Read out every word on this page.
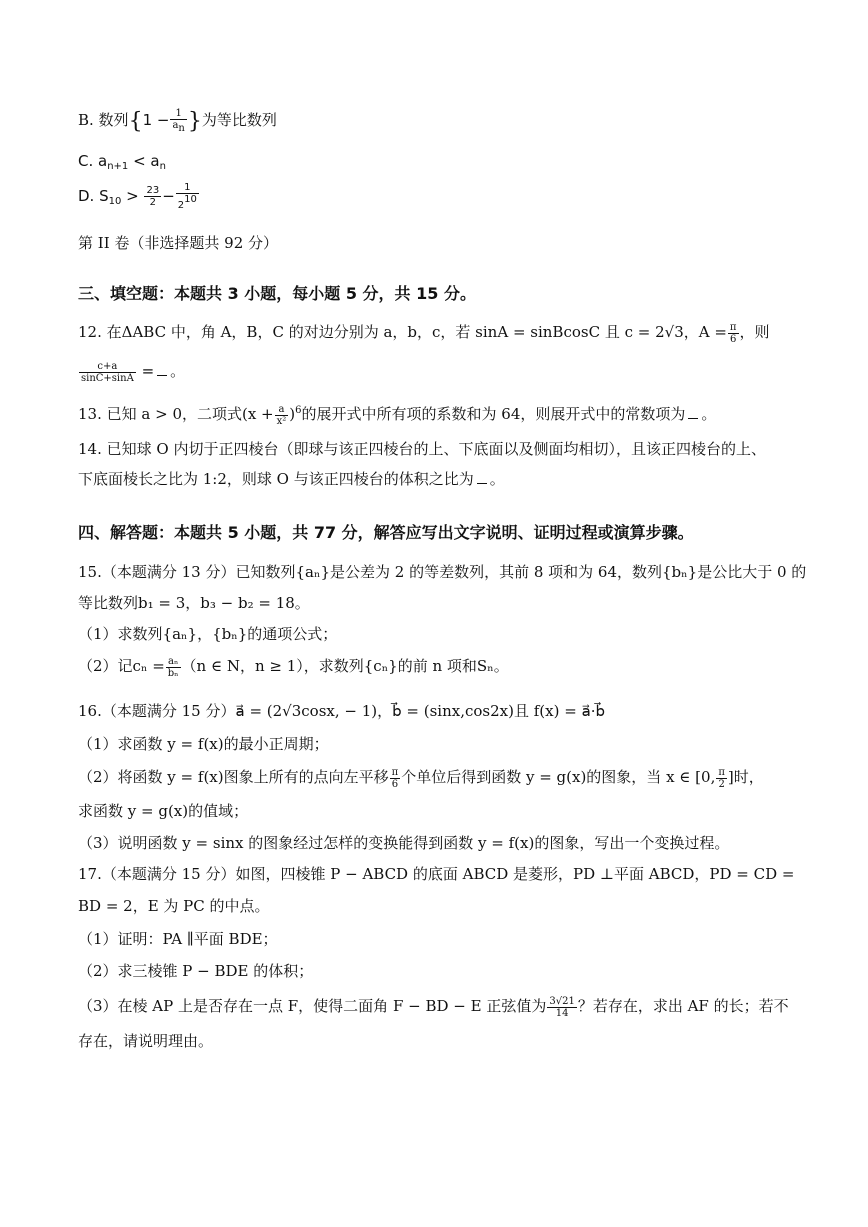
B. 数列{$1 - \frac{1}{a_n}$ }为等比数列
C. $a_{n+1} < a_n$
D. $S_{10} > \frac{23}{2} - \frac{1}{2^{10}}$
第 II 卷（非选择题共 92 分）
三、填空题：本题共 3 小题，每小题 5 分，共 15 分。
12. 在ΔABC 中，角 A，B，C 的对边分别为 a，b，c，若 sinA = sinBcosC 且 c = 2√3，$A = \frac{\pi}{6}$ ，则
$\frac{c+a}{\sin C+\sin A}$ = 。
13. 已知 a > 0，二项式$(x + \frac{a}{\text{x²}} )^6$的展开式中所有项的系数和为 64，则展开式中的常数项为 。
14. 已知球 O 内切于正四棱台（即球与该正四棱台的上、下底面以及侧面均相切），且该正四棱台的上、
下底面棱长之比为 1:2，则球 O 与该正四棱台的体积之比为 。
四、解答题：本题共 5 小题，共 77 分，解答应写出文字说明、证明过程或演算步骤。
15.（本题满分 13 分）已知数列{aₙ}是公差为 2 的等差数列，其前 8 项和为 64，数列{bₙ}是公比大于 0 的
等比数列b₁ = 3，b₃ − b₂ = 18。
（1）求数列{aₙ}，{bₙ}的通项公式；
（2）记$c_n = \frac{\text{aₙ}}{\text{bₙ}} (n$ ∈ N，n ≥ 1），求数列{cₙ}的前 n 项和Sₙ。
16.（本题满分 15 分）a⃗ = (2√3cosx, − 1)，b⃗ = (sinx,cos2x)且 f(x) = a⃗·b⃗
（1）求函数 y = f(x)的最小正周期；
（2）将函数 y = f(x)图象上所有的点向左平移 $\frac{\pi}{6}$ 个单位后得到函数 y = g(x)的图象，当 x ∈ [0, $\frac{\pi}{2}$ ]时，
求函数 y = g(x)的值域；
（3）说明函数 y = sinx 的图象经过怎样的变换能得到函数 y = f(x)的图象，写出一个变换过程。
17.（本题满分 15 分）如图，四棱锥 P − ABCD 的底面 ABCD 是菱形，PD ⊥平面 ABCD，PD = CD =
BD = 2，E 为 PC 的中点。
（1）证明：PA ∥平面 BDE；
（2）求三棱锥 P − BDE 的体积；
（3）在棱 AP 上是否存在一点 F，使得二面角 F − BD − E 正弦值为 $\frac{3√21}{14}$ ？若存在，求出 AF 的长；若不
存在，请说明理由。
